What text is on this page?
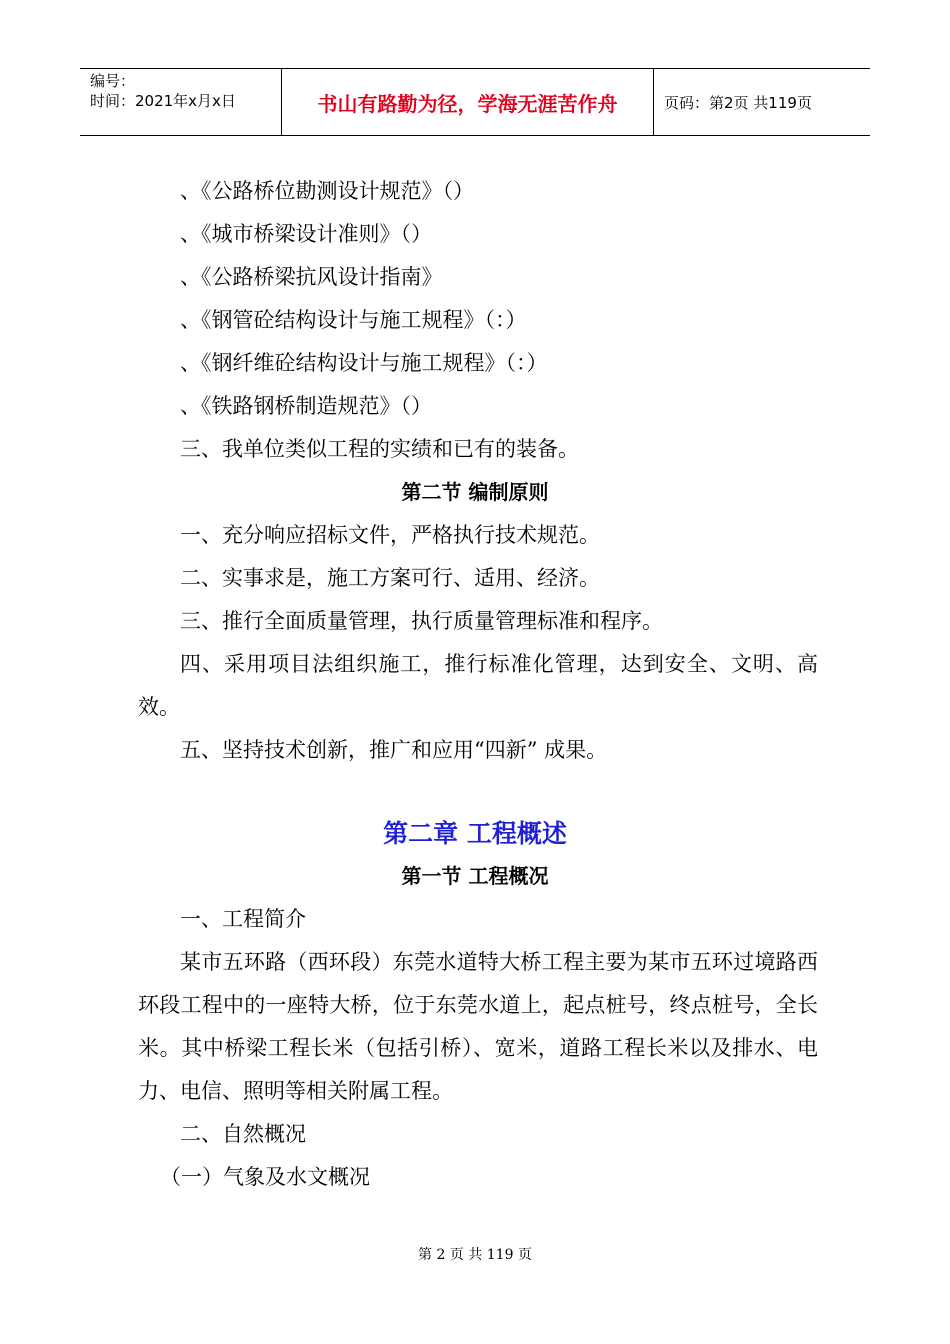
编号：
时间：2021年x月x日	书山有路勤为径，学海无涯苦作舟	页码：第2页 共119页
、《公路桥位勘测设计规范》（）
、《城市桥梁设计准则》（）
、《公路桥梁抗风设计指南》
、《钢管砼结构设计与施工规程》（：）
、《钢纤维砼结构设计与施工规程》（：）
、《铁路钢桥制造规范》（）
三、我单位类似工程的实绩和已有的装备。
第二节 编制原则
一、充分响应招标文件，严格执行技术规范。
二、实事求是，施工方案可行、适用、经济。
三、推行全面质量管理，执行质量管理标准和程序。
四、采用项目法组织施工，推行标准化管理，达到安全、文明、高效。
五、坚持技术创新，推广和应用“四新” 成果。
第二章 工程概述
第一节 工程概况
一、工程简介
某市五环路（西环段）东莞水道特大桥工程主要为某市五环过境路西环段工程中的一座特大桥，位于东莞水道上，起点桩号，终点桩号，全长米。其中桥梁工程长米（包括引桥）、宽米，道路工程长米以及排水、电力、电信、照明等相关附属工程。
二、自然概况
（一）气象及水文概况
第 2 页 共 119 页
